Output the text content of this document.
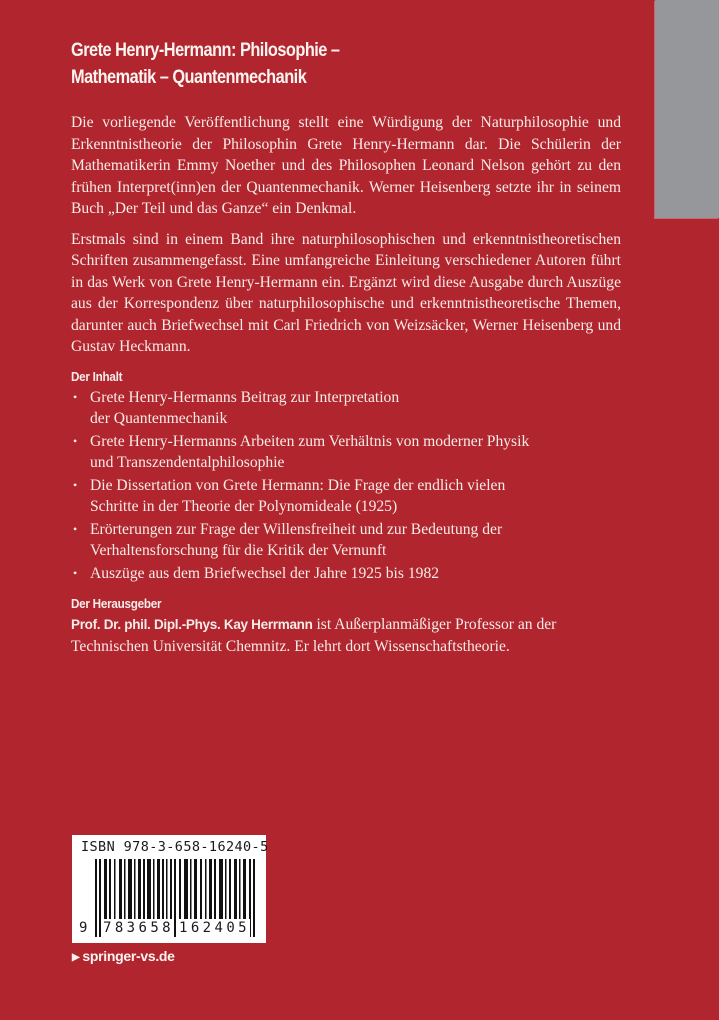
Grete Henry-Hermann: Philosophie –
Mathematik – Quantenmechanik

Die vorliegende Veröffentlichung stellt eine Würdigung der Naturphilosophie und Erkenntnistheorie der Philosophin Grete Henry-Hermann dar. Die Schülerin der Mathematikerin Emmy Noether und des Philosophen Leonard Nelson gehört zu den frühen Interpret(inn)en der Quantenmechanik. Werner Heisenberg setzte ihr in seinem Buch „Der Teil und das Ganze“ ein Denkmal.

Erstmals sind in einem Band ihre naturphilosophischen und erkenntnistheoretischen Schriften zusammengefasst. Eine umfangreiche Einleitung verschiedener Autoren führt in das Werk von Grete Henry-Hermann ein. Ergänzt wird diese Ausgabe durch Auszüge aus der Korrespondenz über naturphilosophische und erkenntnistheoretische Themen, darunter auch Briefwechsel mit Carl Friedrich von Weizsäcker, Werner Heisenberg und Gustav Heckmann.

Der Inhalt
• Grete Henry-Hermanns Beitrag zur Interpretation
der Quantenmechanik
• Grete Henry-Hermanns Arbeiten zum Verhältnis von moderner Physik
und Transzendentalphilosophie
• Die Dissertation von Grete Hermann: Die Frage der endlich vielen
Schritte in der Theorie der Polynomideale (1925)
• Erörterungen zur Frage der Willensfreiheit und zur Bedeutung der
Verhaltensforschung für die Kritik der Vernunft
• Auszüge aus dem Briefwechsel der Jahre 1925 bis 1982
Der Herausgeber

Prof. Dr. phil. Dipl.-Phys. Kay Herrmann ist Außerplanmäßiger Professor an der
Technischen Universität Chemnitz. Er lehrt dort Wissenschaftstheorie.

ISBN 978-3-658-16240-5
9 783658 162405
▶ springer-vs.de
